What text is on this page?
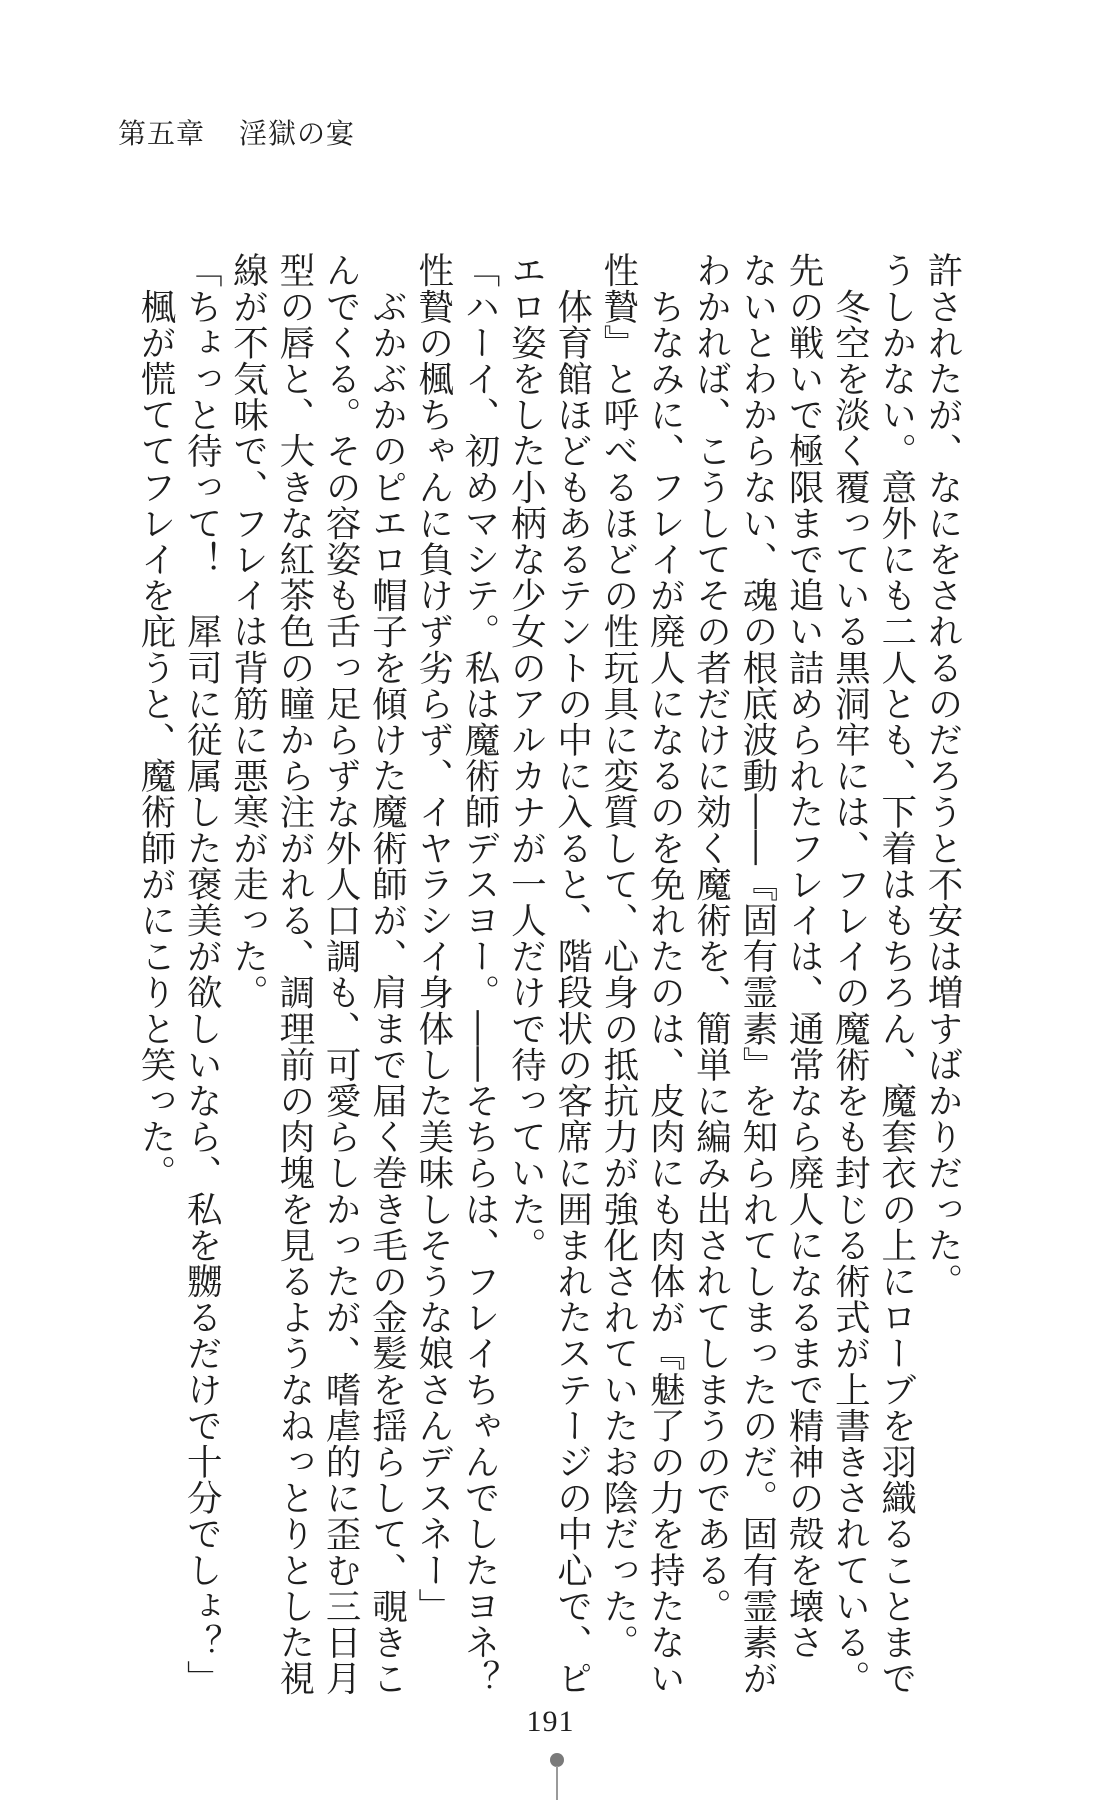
第五章 淫獄の宴
許されたが、なにをされるのだろうと不安は増すばかりだった。
うしかない。意外にも二人とも、下着はもちろん、魔套衣の上にローブを羽織ることまで
　冬空を淡く覆っている黒洞牢には、フレイの魔術をも封じる術式が上書きされている。
先の戦いで極限まで追い詰められたフレイは、通常なら廃人になるまで精神の殻を壊さ
ないとわからない、魂の根底波動――『固有霊素』を知られてしまったのだ。固有霊素が
わかれば、こうしてその者だけに効く魔術を、簡単に編み出されてしまうのである。
　ちなみに、フレイが廃人になるのを免れたのは、皮肉にも肉体が『魅了の力を持たない
性贄』と呼べるほどの性玩具に変質して、心身の抵抗力が強化されていたお陰だった。
　体育館ほどもあるテントの中に入ると、階段状の客席に囲まれたステージの中心で、ピ
エロ姿をした小柄な少女のアルカナが一人だけで待っていた。
「ハーイ、初めマシテ。私は魔術師デスヨー。――そちらは、フレイちゃんでしたヨネ？
性贄の楓ちゃんに負けず劣らず、イヤラシイ身体した美味しそうな娘さんデスネー」
　ぶかぶかのピエロ帽子を傾けた魔術師が、肩まで届く巻き毛の金髪を揺らして、覗きこ
んでくる。その容姿も舌っ足らずな外人口調も、可愛らしかったが、嗜虐的に歪む三日月
型の唇と、大きな紅茶色の瞳から注がれる、調理前の肉塊を見るようなねっとりとした視
線が不気味で、フレイは背筋に悪寒が走った。
「ちょっと待って！　犀司に従属した褒美が欲しいなら、私を嬲るだけで十分でしょ？」
　楓が慌ててフレイを庇うと、魔術師がにこりと笑った。
191
